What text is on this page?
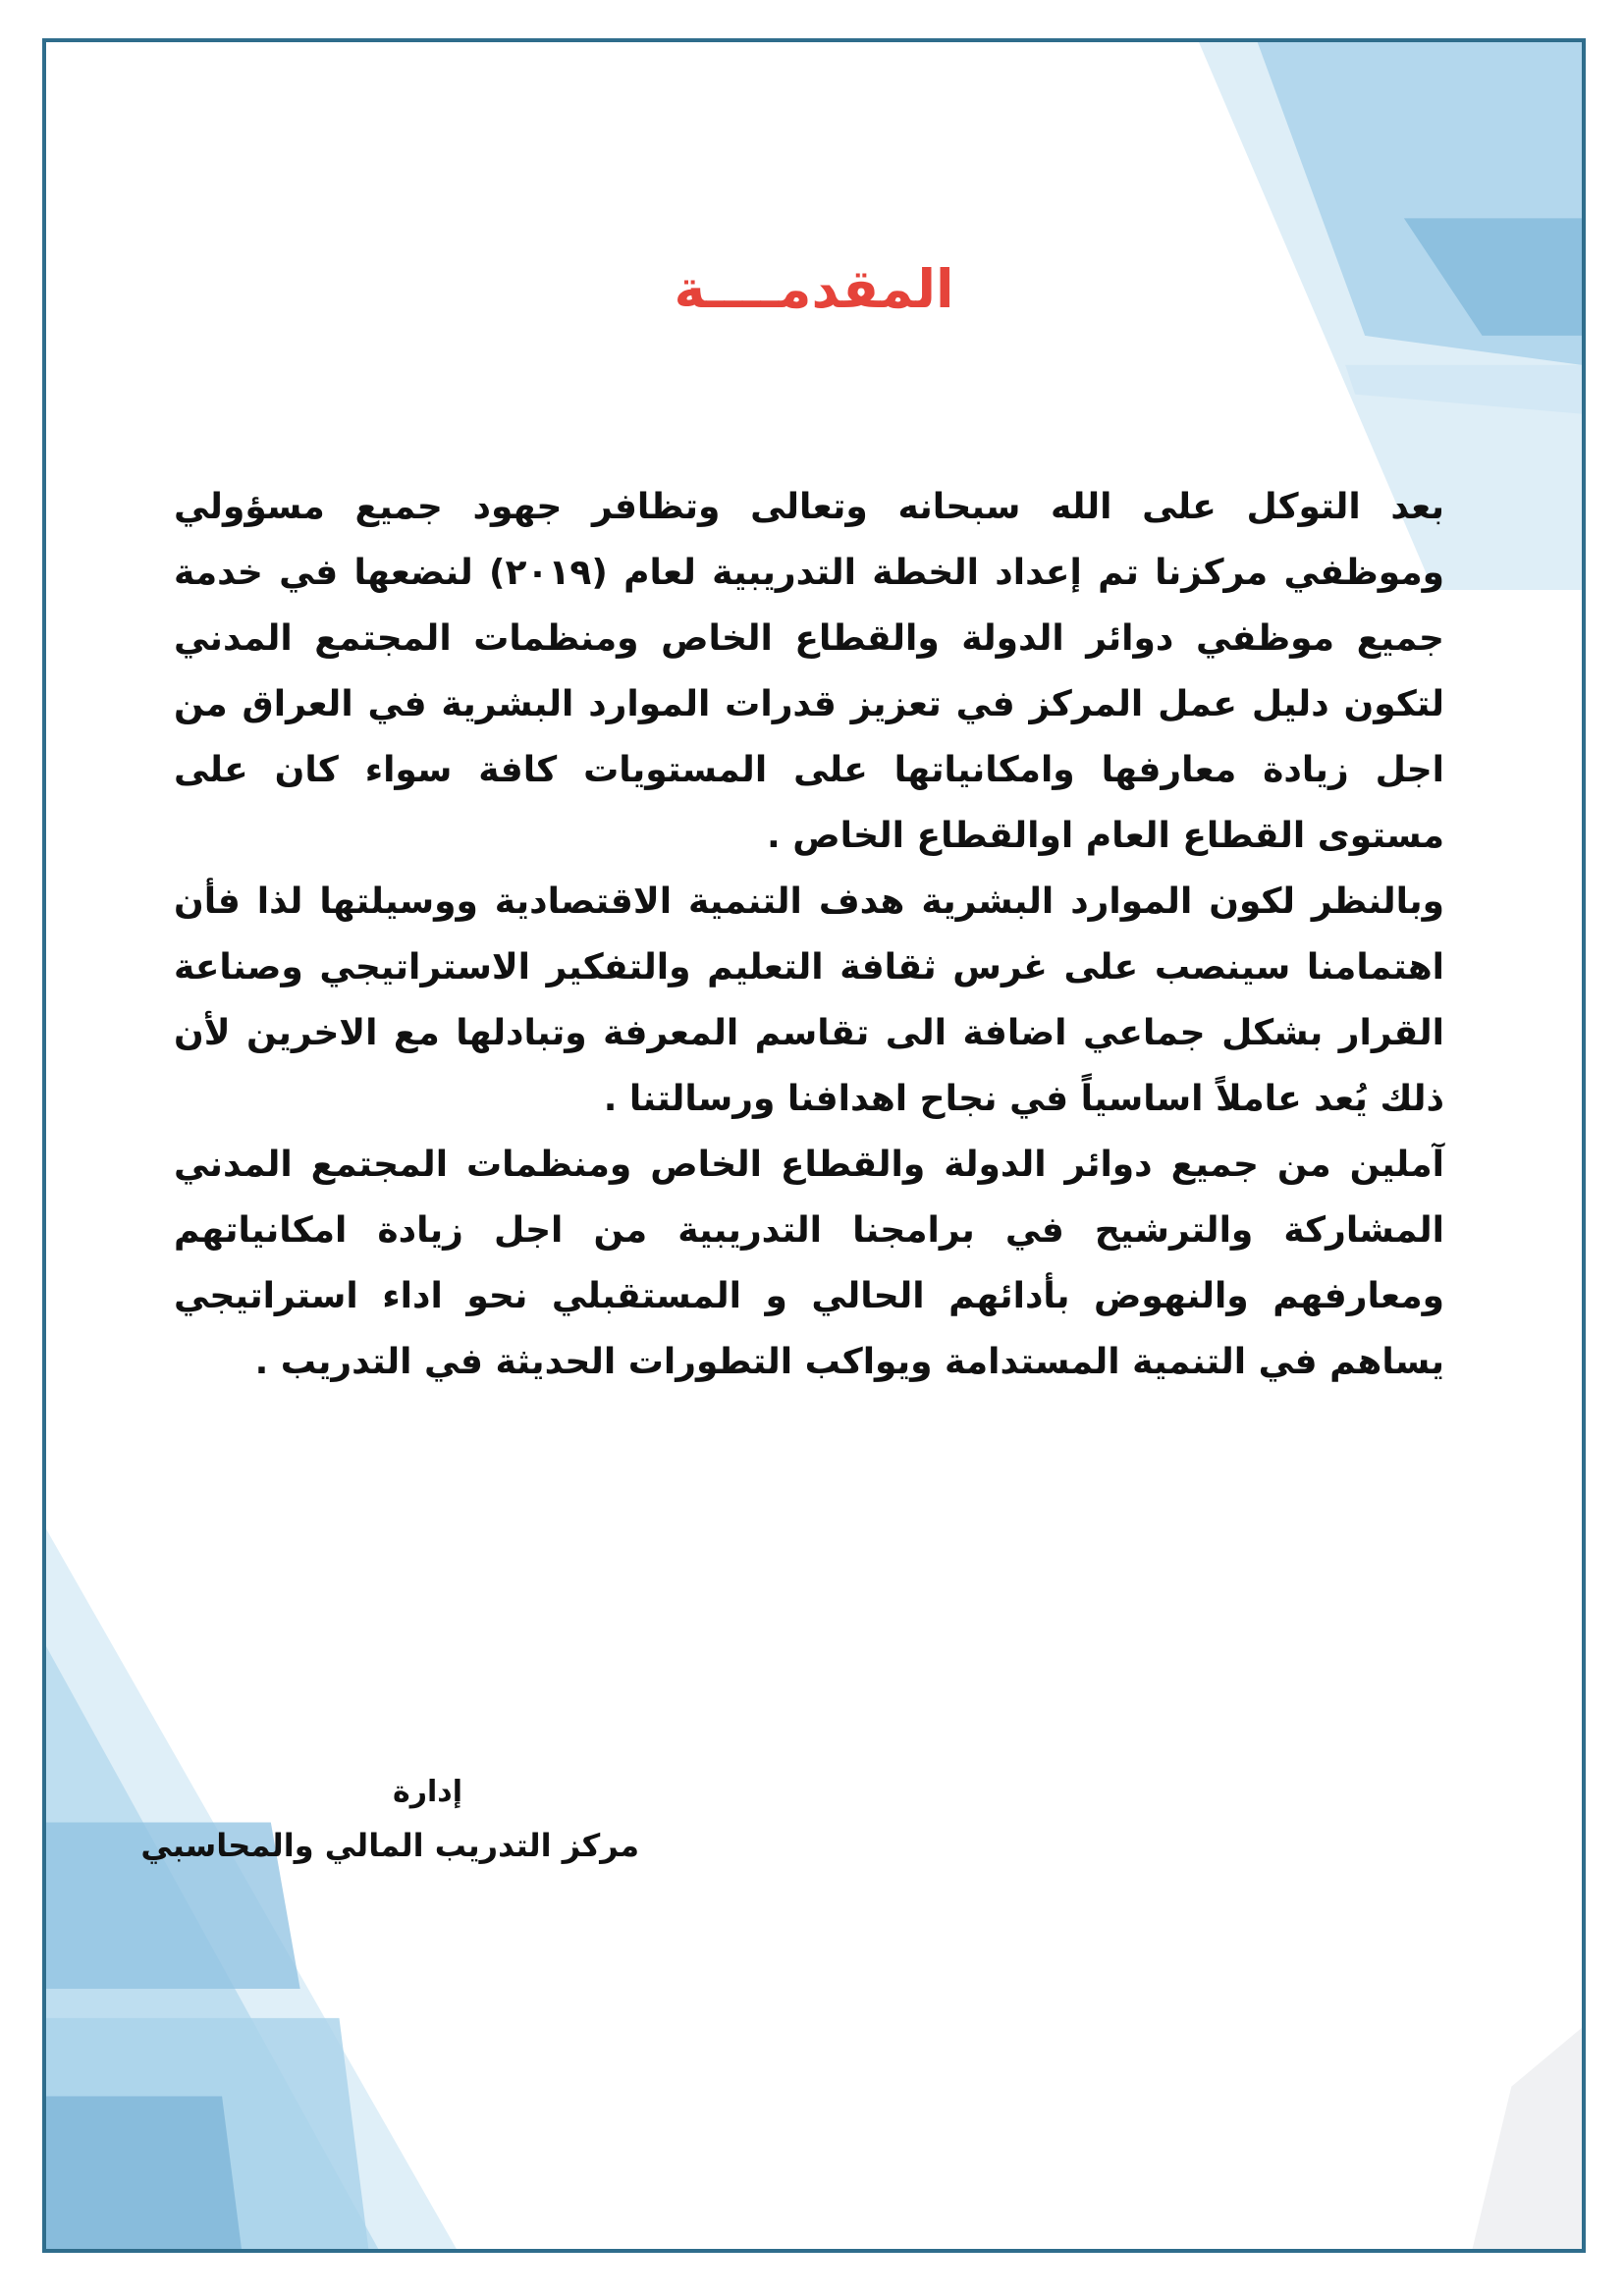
المقدمــــة

بعد التوكل على الله سبحانه وتعالى وتظافر جهود جميع مسؤولي وموظفي مركزنا تم إعداد الخطة التدريبية لعام (٢٠١٩) لنضعها في خدمة جميع موظفي دوائر الدولة والقطاع الخاص ومنظمات المجتمع المدني لتكون دليل عمل المركز في تعزيز قدرات الموارد البشرية في العراق من اجل زيادة معارفها وامكانياتها على المستويات كافة سواء كان على مستوى القطاع العام اوالقطاع الخاص .

وبالنظر لكون الموارد البشرية هدف التنمية الاقتصادية ووسيلتها لذا فأن اهتمامنا سينصب على غرس ثقافة التعليم والتفكير الاستراتيجي وصناعة القرار بشكل جماعي اضافة الى تقاسم المعرفة وتبادلها مع الاخرين لأن ذلك يُعد عاملاً اساسياً في نجاح اهدافنا ورسالتنا .

آملين من جميع دوائر الدولة والقطاع الخاص ومنظمات المجتمع المدني المشاركة والترشيح في برامجنا التدريبية من اجل زيادة امكانياتهم ومعارفهم والنهوض بأدائهم الحالي و المستقبلي نحو اداء استراتيجي يساهم في التنمية المستدامة ويواكب التطورات الحديثة في التدريب .

إدارة

مركز التدريب المالي والمحاسبي
